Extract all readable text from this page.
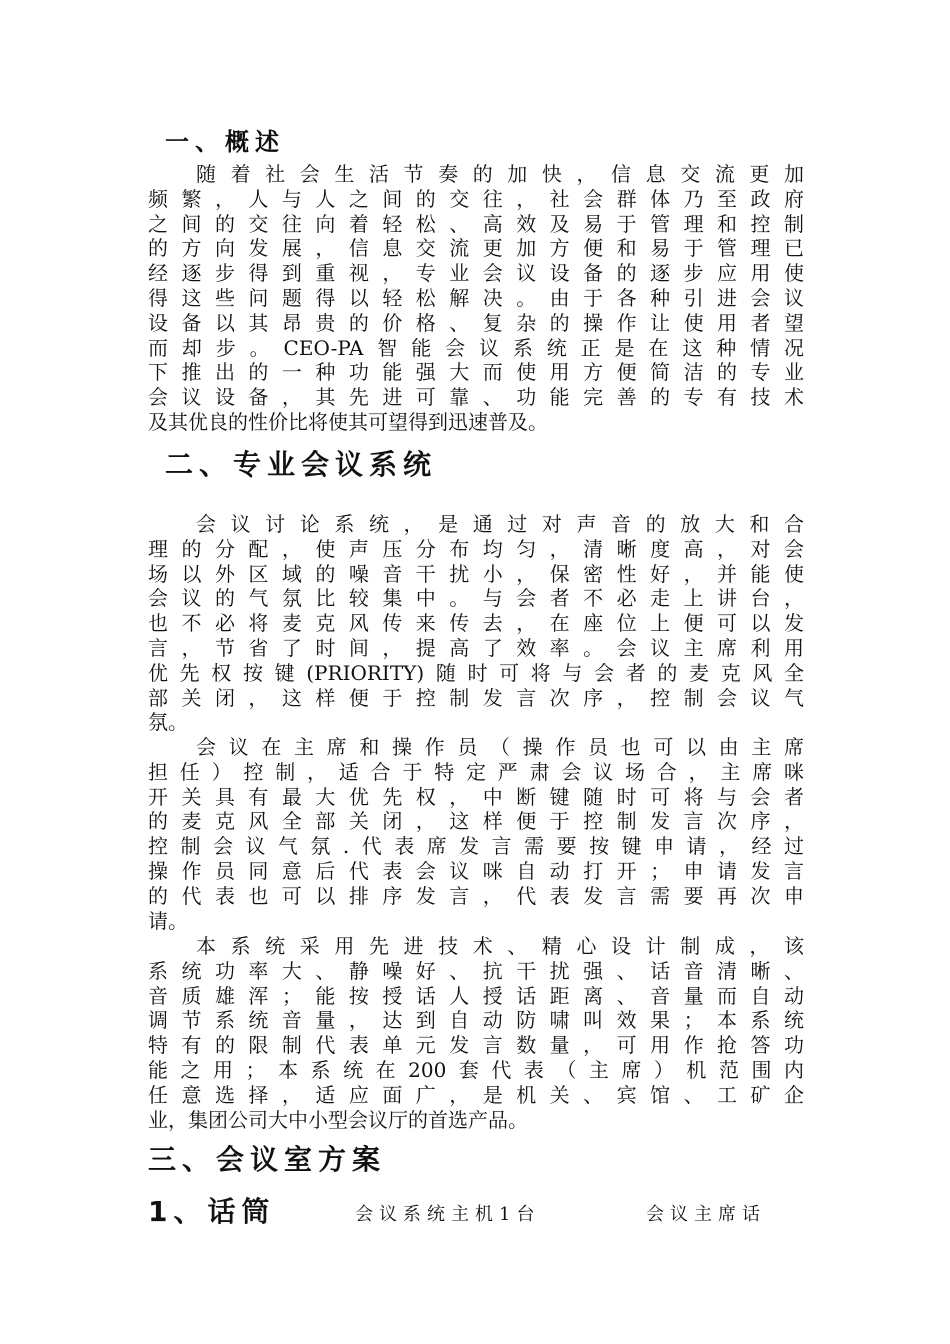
一、概述
随着社会生活节奏的加快，信息交流更加
频繁，人与人之间的交往，社会群体乃至政府
之间的交往向着轻松、高效及易于管理和控制
的方向发展，信息交流更加方便和易于管理已
经逐步得到重视，专业会议设备的逐步应用使
得这些问题得以轻松解决。由于各种引进会议
设备以其昂贵的价格、复杂的操作让使用者望
而却步。CEO-PA智能会议系统正是在这种情况
下推出的一种功能强大而使用方便简洁的专业
会议设备，其先进可靠、功能完善的专有技术
及其优良的性价比将使其可望得到迅速普及。
二、专业会议系统
会议讨论系统，是通过对声音的放大和合
理的分配，使声压分布均匀，清晰度高，对会
场以外区域的噪音干扰小，保密性好，并能使
会议的气氛比较集中。与会者不必走上讲台，
也不必将麦克风传来传去，在座位上便可以发
言，节省了时间，提高了效率。会议主席利用
优先权按键(PRIORITY)随时可将与会者的麦克风全
部关闭，这样便于控制发言次序，控制会议气
氛。
会议在主席和操作员（操作员也可以由主席
担任）控制，适合于特定严肃会议场合，主席咪
开关具有最大优先权，中断键随时可将与会者
的麦克风全部关闭，这样便于控制发言次序，
控制会议气氛.代表席发言需要按键申请，经过
操作员同意后代表会议咪自动打开；申请发言
的代表也可以排序发言，代表发言需要再次申
请。
本系统采用先进技术、精心设计制成，该
系统功率大、静噪好、抗干扰强、话音清晰、
音质雄浑；能按授话人授话距离、音量而自动
调节系统音量，达到自动防啸叫效果；本系统
特有的限制代表单元发言数量，可用作抢答功
能之用；本系统在200套代表（主席）机范围内
任意选择，适应面广，是机关、宾馆、工矿企
业，集团公司大中小型会议厅的首选产品。
三、会议室方案
1、话筒	会议系统主机1台	会议主席话
